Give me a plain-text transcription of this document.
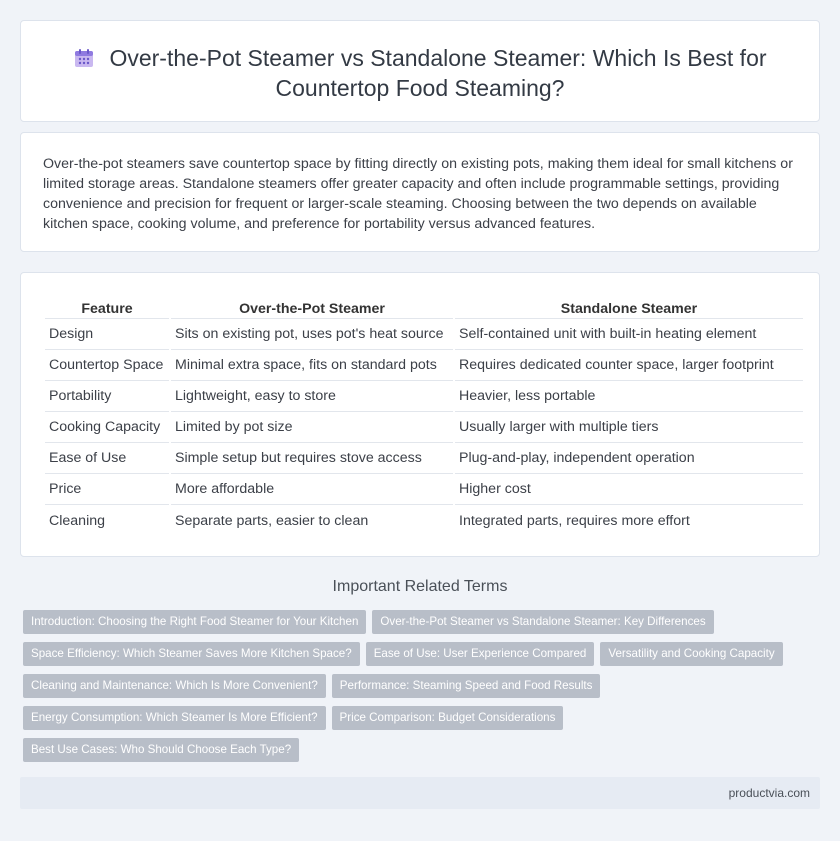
Over-the-Pot Steamer vs Standalone Steamer: Which Is Best for Countertop Food Steaming?

Over-the-pot steamers save countertop space by fitting directly on existing pots, making them ideal for small kitchens or limited storage areas. Standalone steamers offer greater capacity and often include programmable settings, providing convenience and precision for frequent or larger-scale steaming. Choosing between the two depends on available kitchen space, cooking volume, and preference for portability versus advanced features.

Feature	Over-the-Pot Steamer	Standalone Steamer
Design	Sits on existing pot, uses pot's heat source	Self-contained unit with built-in heating element
Countertop Space	Minimal extra space, fits on standard pots	Requires dedicated counter space, larger footprint
Portability	Lightweight, easy to store	Heavier, less portable
Cooking Capacity	Limited by pot size	Usually larger with multiple tiers
Ease of Use	Simple setup but requires stove access	Plug-and-play, independent operation
Price	More affordable	Higher cost
Cleaning	Separate parts, easier to clean	Integrated parts, requires more effort
Important Related Terms
Introduction: Choosing the Right Food Steamer for Your Kitchen	Over-the-Pot Steamer vs Standalone Steamer: Key Differences
Space Efficiency: Which Steamer Saves More Kitchen Space?	Ease of Use: User Experience Compared	Versatility and Cooking Capacity
Cleaning and Maintenance: Which Is More Convenient?	Performance: Steaming Speed and Food Results
Energy Consumption: Which Steamer Is More Efficient?	Price Comparison: Budget Considerations
Best Use Cases: Who Should Choose Each Type?
productvia.com
